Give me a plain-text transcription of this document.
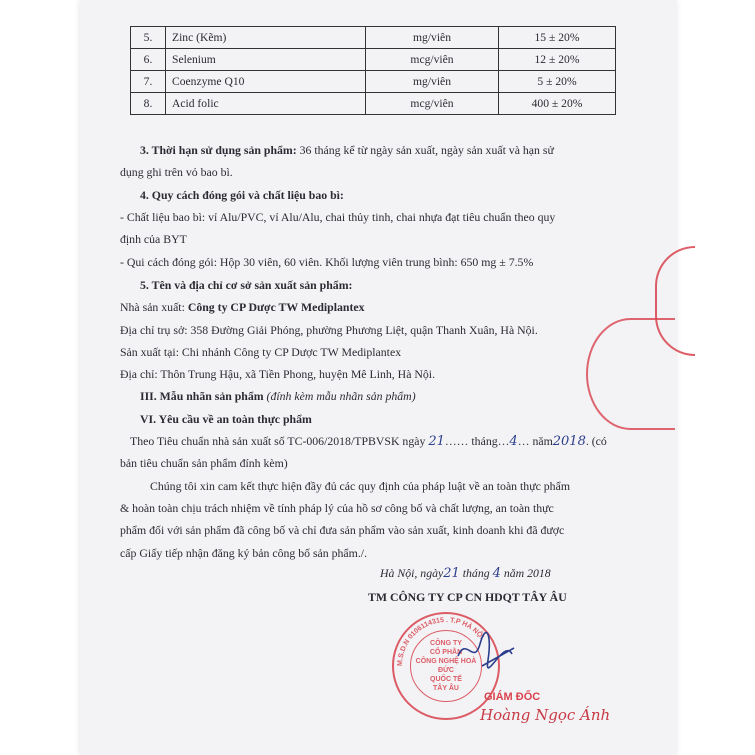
5.	Zinc (Kẽm)	mg/viên	15 ± 20%
6.	Selenium	mcg/viên	12 ± 20%
7.	Coenzyme Q10	mg/viên	5 ± 20%
8.	Acid folic	mcg/viên	400 ± 20%
3. Thời hạn sử dụng sản phẩm: 36 tháng kể từ ngày sản xuất, ngày sản xuất và hạn sử
dụng ghi trên vỏ bao bì.
4. Quy cách đóng gói và chất liệu bao bì:
- Chất liệu bao bì: vỉ Alu/PVC, vỉ Alu/Alu, chai thủy tinh, chai nhựa đạt tiêu chuẩn theo quy
định của BYT
- Qui cách đóng gói: Hộp 30 viên, 60 viên. Khối lượng viên trung bình: 650 mg ± 7.5%
5. Tên và địa chỉ cơ sở sản xuất sản phẩm:
Nhà sản xuất: Công ty CP Dược TW Mediplantex
Địa chỉ trụ sở: 358 Đường Giải Phóng, phường Phương Liệt, quận Thanh Xuân, Hà Nội.
Sản xuất tại: Chi nhánh Công ty CP Dược TW Mediplantex
Địa chỉ: Thôn Trung Hậu, xã Tiền Phong, huyện Mê Linh, Hà Nội.
III. Mẫu nhãn sản phẩm (đính kèm mẫu nhãn sản phẩm)
VI. Yêu cầu về an toàn thực phẩm
Theo Tiêu chuẩn nhà sản xuất số TC-006/2018/TPBVSK ngày 21…… tháng…4… năm2018. (có
bản tiêu chuẩn sản phẩm đính kèm)
Chúng tôi xin cam kết thực hiện đầy đủ các quy định của pháp luật về an toàn thực phẩm
& hoàn toàn chịu trách nhiệm về tính pháp lý của hồ sơ công bố và chất lượng, an toàn thực
phẩm đối với sản phẩm đã công bố và chỉ đưa sản phẩm vào sản xuất, kinh doanh khi đã được
cấp Giấy tiếp nhận đăng ký bản công bố sản phẩm./.
Hà Nội, ngày21 tháng 4 năm 2018
TM CÔNG TY CP CN HDQT TÂY ÂU
GIÁM ĐỐC
Hoàng Ngọc Ánh
M.S.D.N 0106114315 . T.P HÀ NỘI
CÔNG TY
CỔ PHẦN
CÔNG NGHỆ HOÀ ĐỨC
QUỐC TẾ
TÂY ÂU
